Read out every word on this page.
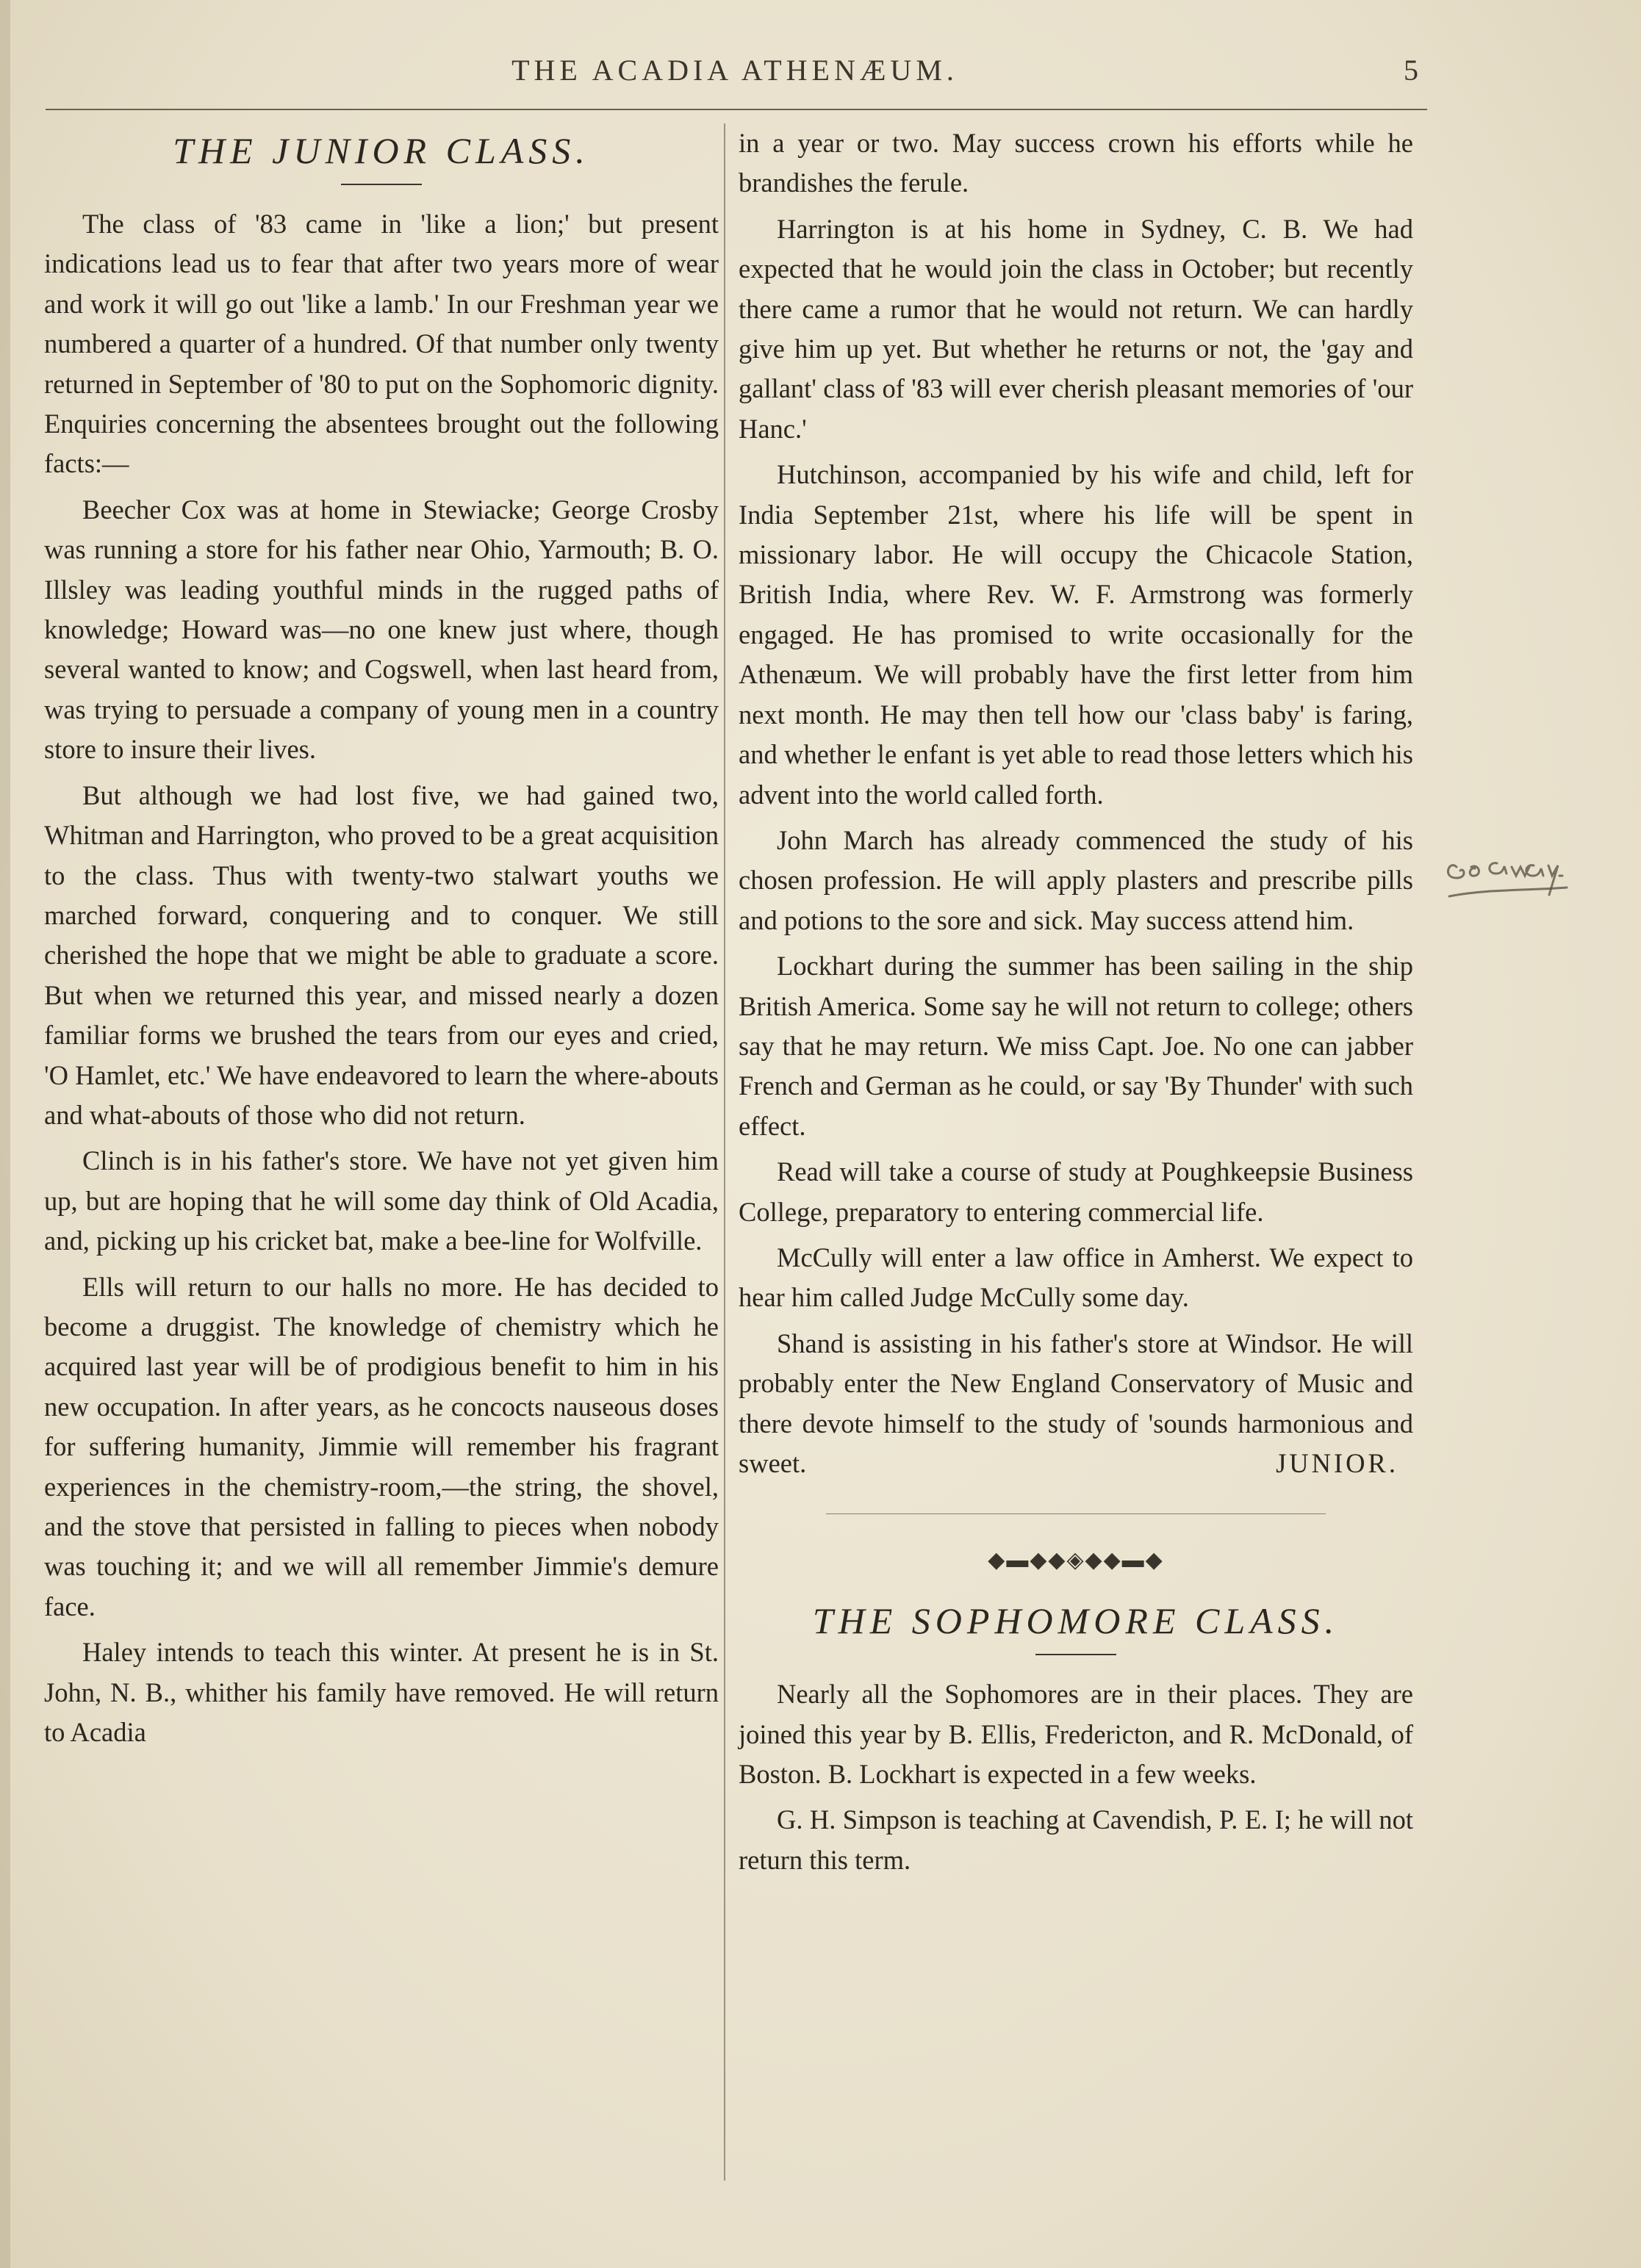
THE ACADIA ATHENÆUM.	5
THE JUNIOR CLASS.

The class of '83 came in 'like a lion;' but present indications lead us to fear that after two years more of wear and work it will go out 'like a lamb.' In our Freshman year we numbered a quarter of a hundred. Of that number only twenty returned in September of '80 to put on the Sophomoric dignity. Enquiries concerning the absentees brought out the following facts:—

Beecher Cox was at home in Stewiacke; George Crosby was running a store for his father near Ohio, Yarmouth; B. O. Illsley was leading youthful minds in the rugged paths of knowledge; Howard was—no one knew just where, though several wanted to know; and Cogswell, when last heard from, was trying to persuade a company of young men in a country store to insure their lives.

But although we had lost five, we had gained two, Whitman and Harrington, who proved to be a great acquisition to the class. Thus with twenty-two stalwart youths we marched forward, conquering and to conquer. We still cherished the hope that we might be able to graduate a score. But when we returned this year, and missed nearly a dozen familiar forms we brushed the tears from our eyes and cried, 'O Hamlet, etc.' We have endeavored to learn the where-abouts and what-abouts of those who did not return.

Clinch is in his father's store. We have not yet given him up, but are hoping that he will some day think of Old Acadia, and, picking up his cricket bat, make a bee-line for Wolfville.

Ells will return to our halls no more. He has decided to become a druggist. The knowledge of chemistry which he acquired last year will be of prodigious benefit to him in his new occupation. In after years, as he concocts nauseous doses for suffering humanity, Jimmie will remember his fragrant experiences in the chemistry-room,—the string, the shovel, and the stove that persisted in falling to pieces when nobody was touching it; and we will all remember Jimmie's demure face.

Haley intends to teach this winter. At present he is in St. John, N. B., whither his family have removed. He will return to Acadia

in a year or two. May success crown his efforts while he brandishes the ferule.

Harrington is at his home in Sydney, C. B. We had expected that he would join the class in October; but recently there came a rumor that he would not return. We can hardly give him up yet. But whether he returns or not, the 'gay and gallant' class of '83 will ever cherish pleasant memories of 'our Hanc.'

Hutchinson, accompanied by his wife and child, left for India September 21st, where his life will be spent in missionary labor. He will occupy the Chicacole Station, British India, where Rev. W. F. Armstrong was formerly engaged. He has promised to write occasionally for the Athenæum. We will probably have the first letter from him next month. He may then tell how our 'class baby' is faring, and whether le enfant is yet able to read those letters which his advent into the world called forth.

John March has already commenced the study of his chosen profession. He will apply plasters and prescribe pills and potions to the sore and sick. May success attend him.

Lockhart during the summer has been sailing in the ship British America. Some say he will not return to college; others say that he may return. We miss Capt. Joe. No one can jabber French and German as he could, or say 'By Thunder' with such effect.

Read will take a course of study at Poughkeepsie Business College, preparatory to entering commercial life.

McCully will enter a law office in Amherst. We expect to hear him called Judge McCully some day.

Shand is assisting in his father's store at Windsor. He will probably enter the New England Conservatory of Music and there devote himself to the study of 'sounds harmonious and sweet.	JUNIOR.
◆▬◆◆◈◆◆▬◆
THE SOPHOMORE CLASS.

Nearly all the Sophomores are in their places. They are joined this year by B. Ellis, Fredericton, and R. McDonald, of Boston. B. Lockhart is expected in a few weeks.

G. H. Simpson is teaching at Cavendish, P. E. I; he will not return this term.
